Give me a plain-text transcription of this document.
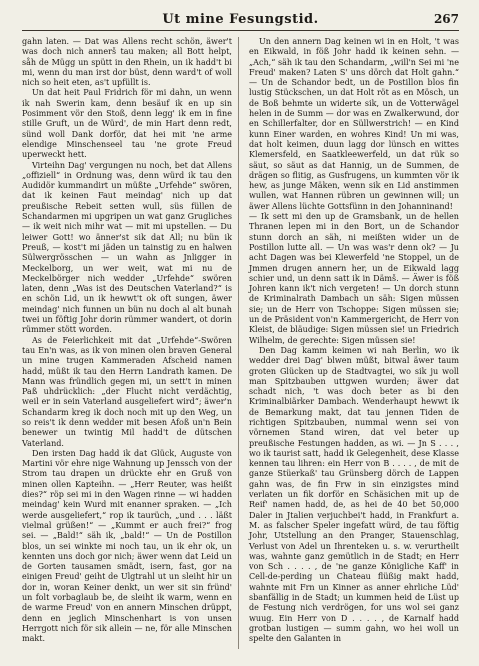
Ut mine Fesungstid.	267

gahn laten. — Dat was Allens recht schön, äwer't was doch nich annerš tau maken; all Bott helpt, såh de Mügg un spütt in den Rhein, un ik hadd't bi mi, wenn du man irst dor büst, denn ward't of woll nich so heit eten, as't upfüllt is.

Un dat heit Paul Fridrich för mi dahn, un wenn ik nah Swerin kam, denn besäuf ik en up sin Posimment vör den Stoß, denn legg' ik em in fine stille Gruft, un de Würd', de min Hart denn redt, sünd woll Dank dorför, dat hei mit 'ne arme elendige Minschenseel tau 'ne grote Freud uperweckt hett.

Virteihn Dag' vergungen nu noch, bet dat Allens „offiziell“ in Ordnung was, denn würd ik tau den Audidör kummandirt un müßte „Urfehde“ swören, dat ik keinen Faut meindag' nich up dat preußische Rebeit setten wull, süs füllen de Schandarmen mi upgripen un wat ganz Grugliches — ik weit nich mihr wat — mit mi upstellen. — Du leiwer Gott! wo änner'st sik dat All; nu bün ik Preuß, — kost't mi jäden un tainstig zu en halwen Sülwergrösschen — un wahn as Jnligger in Meckelborg, un wer weit, wat mi nu de Meckelbörger nich wedder „Urfehde“ swören laten, denn „Was ist des Deutschen Vaterland?“ is en schön Lid, un ik hewwt't ok oft sungen, äwer meindag' nich funnen un bün nu doch al alt bunah twei un föftig Johr dorin rümmer wandert, ot dorin rümmer stött worden.

As de Feierlichkeit mit dat „Urfehde“-Swören tau En'n was, as ik von minen olen braven General un mine trugen Kammeraden Afscheid namen hadd, müßt ik tau den Herrn Landrath kamen. De Mann was fründlich gegen mi, un sett't in minen Paß uhdrücklich: „der Flucht nicht verdächtig, weil er in sein Vaterland ausgeliefert wird“; äwer'n Schandarm kreg ik doch noch mit up den Weg, un so reis't ik denn wedder mit besen Afoß un'n Bein benewer un twintig Mil hadd't de dütschen Vaterland.

Den irsten Dag hadd ik dat Glück, Auguste von Martini vör ehre nige Wahnung up Jenssch von der Strom tau drapen un drückte ehr en Gruß von minen ollen Kapteihn. — „Herr Reuter, was heißt dies?“ röp sei mi in den Wagen rinne — wi hadden meindag' kein Wurd mit enanner spraken. — „Ich werde ausgeliefert,“ rop ik taurüch, „und . . . läßt vielmal grüßen!“ — „Kummt er auch frei?“ frog sei. — „Bald!“ säh ik, „bald!“ — Un de Postillon blos, un sei winkte mi noch tau, un ik ehr ok, un kennten uns doch gor nich; äwer wenn dat Leid un de Gorten tausamen smädt, isern, fast, gor na einigen Freud' geiht de Ulgtrahl ut un sleiht hir un dor in, woran Keiner denkt, un wer sit sin fründ' un folt vorbaglaub be, de sleiht ik warm, wenn en de warme Freud' von en annern Minschen drüppt, denn en jeglich Minschenhart is von unsen Herrgott nich för sik allein — ne, för alle Minschen makt.

Un den annern Dag keinen wi in en Holt, 't was en Eikwald, in föß Johr hadd ik keinen sehn. — „Ach,“ säh ik tau den Schandarm, „will'n Sei mi 'ne Freud' maken? Laten S' uns dörch dat Holt gahn.“ — Un de Schandor bedt, un de Postillon blos fin lustig Stückschen, un dat Holt röt as en Mösch, un de Boß behmte un widerte sik, un de Votterwägel helen in de Summ — dor was en Zwalkerwund, dor en Schillerfalter, dor en Süllwerstrich! — en Kind kunn Einer warden, en wohres Kind! Un mi was, dat holt keimen, duun lagg dor lünsch en wittes Klemersfeld, en Saatkleewerfeld, un dat rük so säut, so säut as dat Hannig, un de Summen, de drägen so flitig, as Gusfrugens, un kummten vör ik hew, as junge Mäken, wenn sik en Lid anstimmen wullen, wat Hannen rübren un gewinnen will; un äwer Allens lüchte Gottsfünn in den Johanninand!

— Ik sett mi den up de Gramsbank, un de hellen Thranen lepen mi in den Bort, un de Schandor stunn dorch an säh, ni meißten wider un de Postillon lutte all. — Un was was'r denn ok? — Ju acht Dagen was bei Klewerfeld 'ne Stoppel, un de Jmmen drugen annern her, un de Eikwald lagg schier und, un denn satt ik in Dämš. — Äwer is föß Johren kann ik't nich vergeten! — Un dorch stunn de Kriminalrath Dambach un säh: Sigen müssen sie; un de Herr von Tschoppe: Sigen müssen sie; un de Präsident von'n Kammergericht, de Herr von Kleist, de bläudige: Sigen müssen sie! un Friedrich Wilhelm, de gerechte: Sigen müssen sie!

Den Dag kamm keimen wi nah Berlin, wo ik wedder drei Dag' blwen müßt, bitwal äwer taum groten Glücken up de Stadtvagtei, wo sik ju woll man Spitzbauben uttgwen wurden; äwer dat schadt nich, 't was doch beter as bi den Kriminalbiärker Dambach. Wenderhaupt hewwt ik de Bemarkung makt, dat tau jennen Tiden de richtigen Spitzbauben, nummal wenn sei von vörnemen Stand wiren, dat vel beter up preußische Festungen hadden, as wi. — Jn S . . . , wo ik taurist satt, hadd ik Gelegenheit, dese Klasse kennen tau lihren: ein Herr von B . . . . , de mit de ganze Stüerkaß' tau Grünsberg dörch de Lappen gahn was, de fin Frw in sin einzigstes mind verlaten un fik dorför en Schäsichen mit up de Reif' namen hadd, de, as hei de 40 bet 50,000 Daler in Jtalien verjuchbei't hadd, in Frankfurt a. M. as falscher Speler ingefatt würd, de tau föftig Johr, Utstellung an den Pranger, Stauenschlag, Verlust von Adel un Ihrenteken u. s. w. verurtheilt was, wahnte ganz gemütlich in de Stadt; en Herr von Sch . . . . , de 'ne ganze Königliche Kaff' in Cell-de-perding un Chateau flüßig makt hadd, wahnte mit Frn un Kinner as anner ehrliche Lüd' sbanfällig in de Stadt; un kummen heid de Lüst up de Festung nich verdrögen, for uns wol sei ganz wuug. Ein Herr von D . . . . , de Karnalf hadd grotban lustigen — summ gahn, wo hei woll un spelte den Galanten in
